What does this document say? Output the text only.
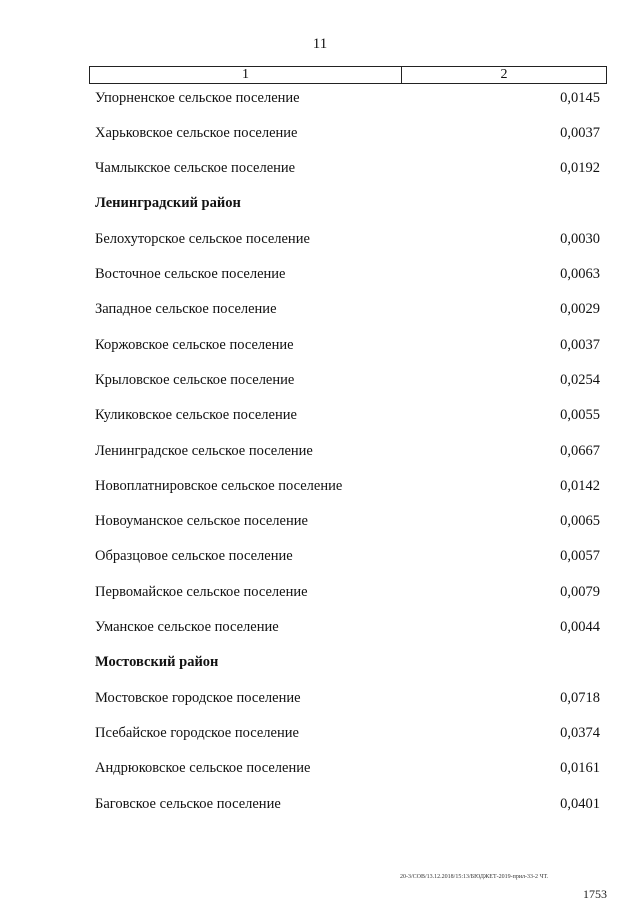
11
1	2
Упорненское сельское поселение	0,0145
Харьковское сельское поселение	0,0037
Чамлыкское сельское поселение	0,0192
Ленинградский район
Белохуторское сельское поселение	0,0030
Восточное сельское поселение	0,0063
Западное сельское поселение	0,0029
Коржовское сельское поселение	0,0037
Крыловское сельское поселение	0,0254
Куликовское сельское поселение	0,0055
Ленинградское сельское поселение	0,0667
Новоплатнировское сельское поселение	0,0142
Новоуманское сельское поселение	0,0065
Образцовое сельское поселение	0,0057
Первомайское сельское поселение	0,0079
Уманское сельское поселение	0,0044
Мостовский район
Мостовское городское поселение	0,0718
Псебайское городское поселение	0,0374
Андрюковское сельское поселение	0,0161
Баговское сельское поселение	0,0401
20-3/СОВ/13.12.2018/15:13/БЮДЖЕТ-2019-прил-33-2 ЧТ.
1753
